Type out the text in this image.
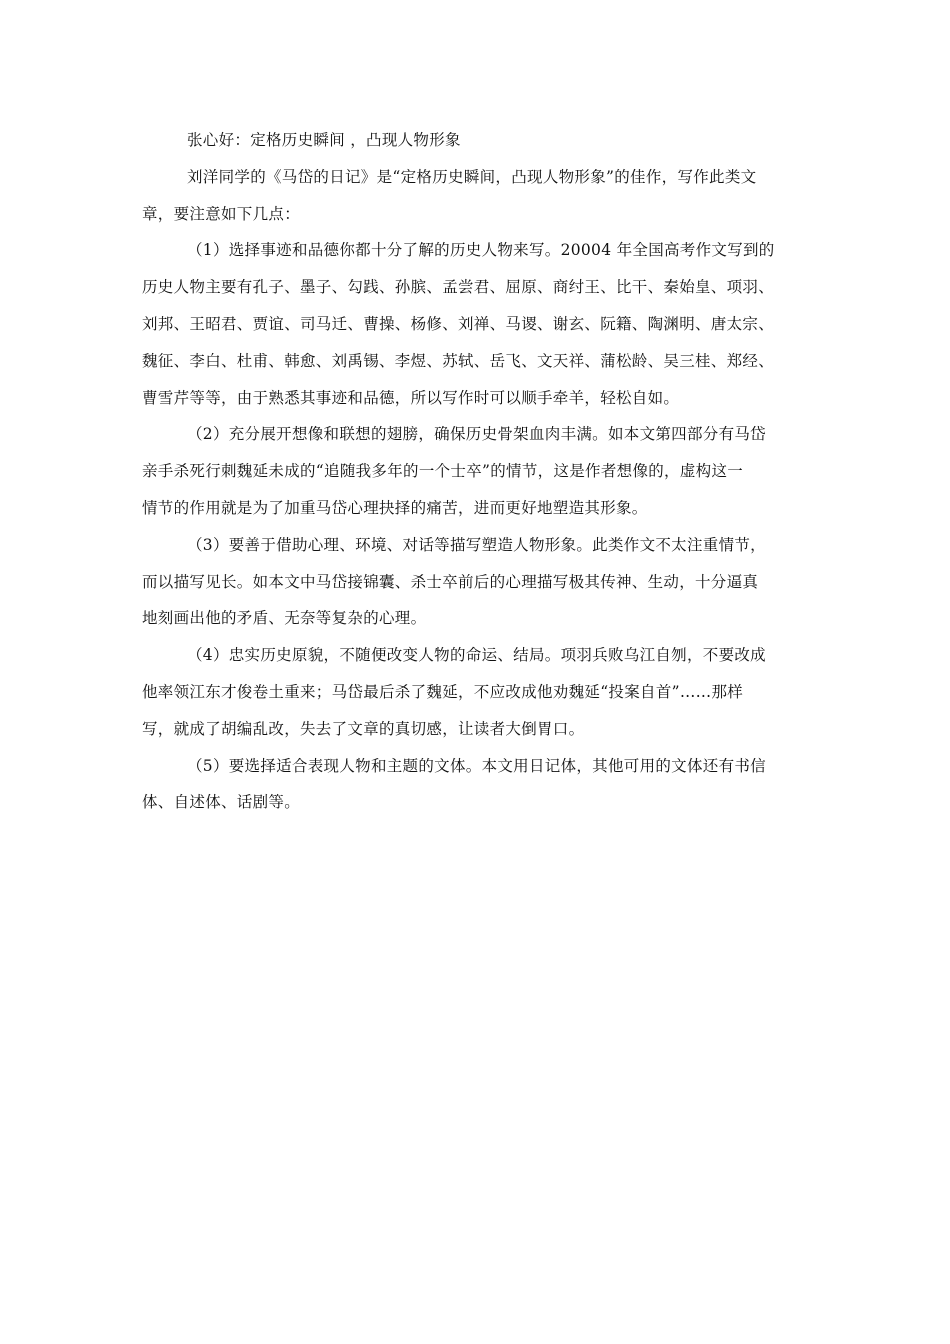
张心好：定格历史瞬间 ，凸现人物形象

刘洋同学的《马岱的日记》是“定格历史瞬间，凸现人物形象”的佳作，写作此类文

章，要注意如下几点：

（1）选择事迹和品德你都十分了解的历史人物来写。20004 年全国高考作文写到的

历史人物主要有孔子、墨子、勾践、孙膑、孟尝君、屈原、商纣王、比干、秦始皇、项羽、

刘邦、王昭君、贾谊、司马迁、曹操、杨修、刘禅、马谡、谢玄、阮籍、陶渊明、唐太宗、

魏征、李白、杜甫、韩愈、刘禹锡、李煜、苏轼、岳飞、文天祥、蒲松龄、吴三桂、郑经、

曹雪芹等等，由于熟悉其事迹和品德，所以写作时可以顺手牵羊，轻松自如。

（2）充分展开想像和联想的翅膀，确保历史骨架血肉丰满。如本文第四部分有马岱

亲手杀死行刺魏延未成的“追随我多年的一个士卒”的情节，这是作者想像的，虚构这一

情节的作用就是为了加重马岱心理抉择的痛苦，进而更好地塑造其形象。

（3）要善于借助心理、环境、对话等描写塑造人物形象。此类作文不太注重情节，

而以描写见长。如本文中马岱接锦囊、杀士卒前后的心理描写极其传神、生动，十分逼真

地刻画出他的矛盾、无奈等复杂的心理。

（4）忠实历史原貌，不随便改变人物的命运、结局。项羽兵败乌江自刎，不要改成

他率领江东才俊卷土重来；马岱最后杀了魏延，不应改成他劝魏延“投案自首”……那样

写，就成了胡编乱改，失去了文章的真切感，让读者大倒胃口。

（5）要选择适合表现人物和主题的文体。本文用日记体，其他可用的文体还有书信

体、自述体、话剧等。
